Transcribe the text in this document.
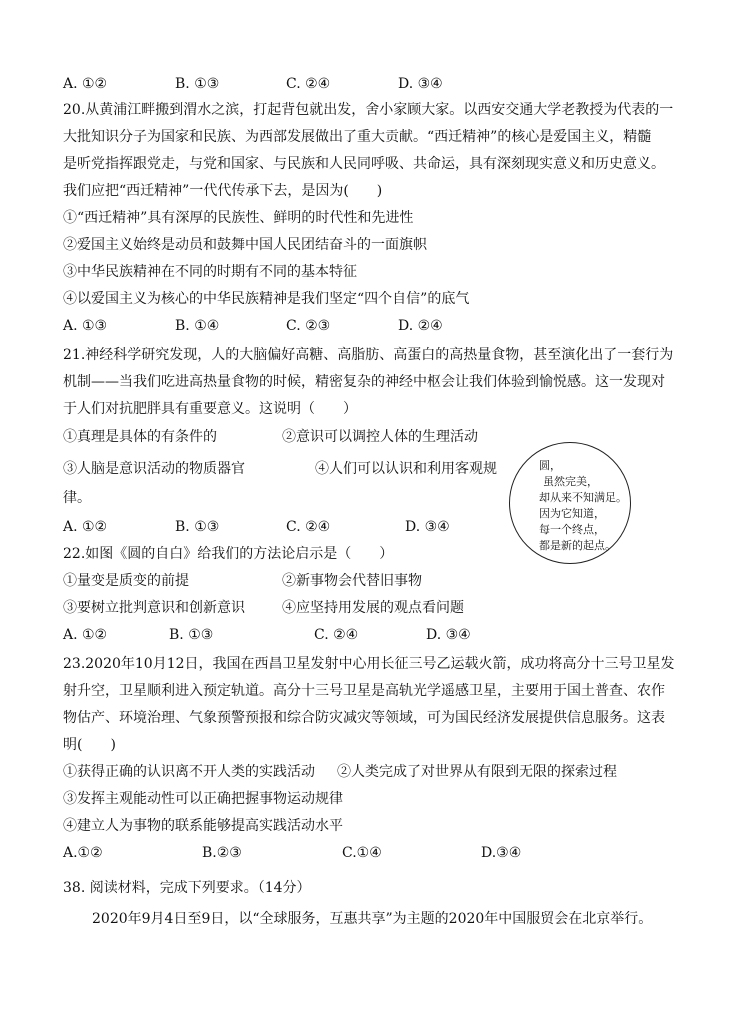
A. ①②	B. ①③	C. ②④	D. ③④
20.从黄浦江畔搬到渭水之滨，打起背包就出发，舍小家顾大家。以西安交通大学老教授为代表的一
大批知识分子为国家和民族、为西部发展做出了重大贡献。“西迁精神”的核心是爱国主义，精髓
是听党指挥跟党走，与党和国家、与民族和人民同呼吸、共命运，具有深刻现实意义和历史意义。
我们应把“西迁精神”一代代传承下去，是因为(　　)
①“西迁精神”具有深厚的民族性、鲜明的时代性和先进性
②爱国主义始终是动员和鼓舞中国人民团结奋斗的一面旗帜
③中华民族精神在不同的时期有不同的基本特征
④以爱国主义为核心的中华民族精神是我们坚定“四个自信”的底气
A. ①③	B. ①④	C. ②③	D. ②④
21.神经科学研究发现，人的大脑偏好高糖、高脂肪、高蛋白的高热量食物，甚至演化出了一套行为
机制——当我们吃进高热量食物的时候，精密复杂的神经中枢会让我们体验到愉悦感。这一发现对
于人们对抗肥胖具有重要意义。这说明（　　）
①真理是具体的有条件的	②意识可以调控人体的生理活动
③人脑是意识活动的物质器官	④人们可以认识和利用客观规
律。
A. ①②	B. ①③	C. ②④	D. ③④
圆，
虽然完美，
却从来不知满足。
因为它知道，
每一个终点，
都是新的起点。
22.如图《圆的自白》给我们的方法论启示是（　　）
①量变是质变的前提	②新事物会代替旧事物
③要树立批判意识和创新意识	④应坚持用发展的观点看问题
A. ①②	B. ①③	C. ②④	D. ③④
23.2020年10月12日，我国在西昌卫星发射中心用长征三号乙运载火箭，成功将高分十三号卫星发
射升空，卫星顺利进入预定轨道。高分十三号卫星是高轨光学遥感卫星，主要用于国土普查、农作
物估产、环境治理、气象预警预报和综合防灾减灾等领域，可为国民经济发展提供信息服务。这表
明(　　)
①获得正确的认识离不开人类的实践活动 ②人类完成了对世界从有限到无限的探索过程
③发挥主观能动性可以正确把握事物运动规律
④建立人为事物的联系能够提高实践活动水平
A.①②	B.②③	C.①④	D.③④
38. 阅读材料，完成下列要求。（14分）
2020年9月4日至9日，以“全球服务，互惠共享”为主题的2020年中国服贸会在北京举行。
